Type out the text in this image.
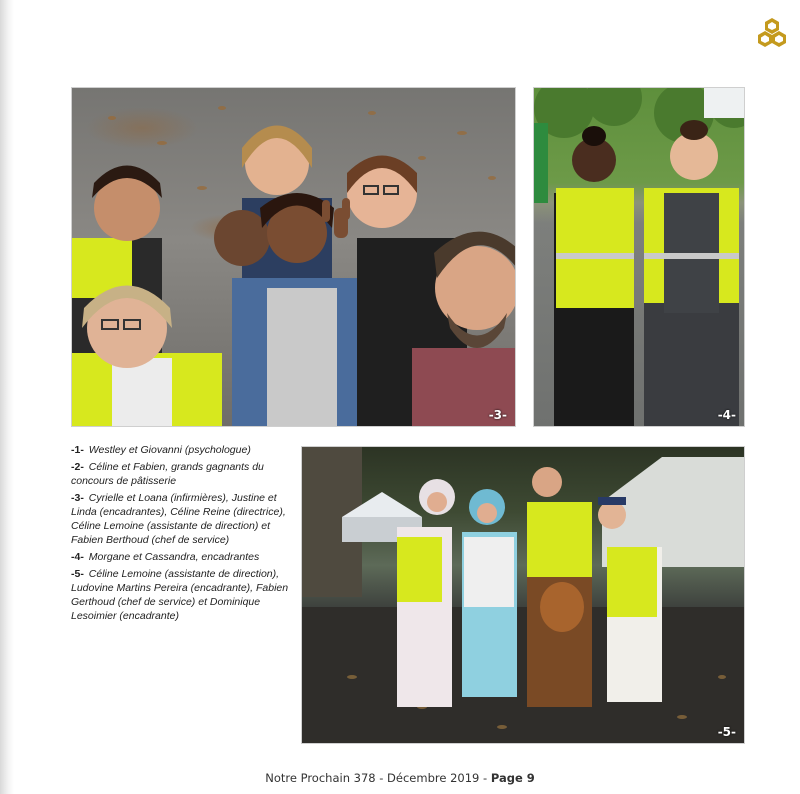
-3-	-4-
-1- Westley et Giovanni (psychologue)
-2- Céline et Fabien, grands gagnants du concours de pâtisserie
-3- Cyrielle et Loana (infirmières), Justine et Linda (encadrantes), Céline Reine (directrice), Céline Lemoine (assistante de direction) et Fabien Berthoud (chef de service)
-4- Morgane et Cassandra, encadrantes
-5- Céline Lemoine (assistante de direction), Ludovine Martins Pereira (encadrante), Fabien Gerthoud (chef de service) et Dominique Lesoimier (encadrante)
-5-
Notre Prochain 378 - Décembre 2019 - Page 9
